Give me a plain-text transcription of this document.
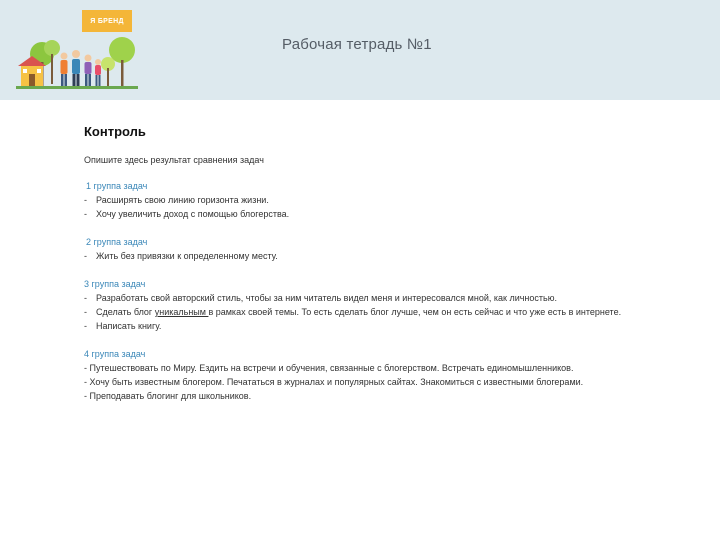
Я БРЕНД
Рабочая тетрадь №1
Контроль
Опишите здесь результат сравнения задач
1 группа задач
-	Расширять свою линию горизонта жизни.
-	Хочу увеличить доход с помощью блогерства.
2 группа задач
-	Жить без привязки к определенному месту.
3 группа задач
-	Разработать свой авторский стиль, чтобы за ним читатель видел меня и интересовался мной, как личностью.
-	Сделать блог уникальным в рамках своей темы. То есть сделать блог лучше, чем он есть сейчас и что уже есть в интернете.
-	Написать книгу.
4 группа задач
- Путешествовать по Миру. Ездить на встречи и обучения, связанные с блогерством. Встречать единомышленников.
- Хочу быть известным блогером. Печататься в журналах и популярных сайтах. Знакомиться с известными блогерами.
- Преподавать блогинг для школьников.
